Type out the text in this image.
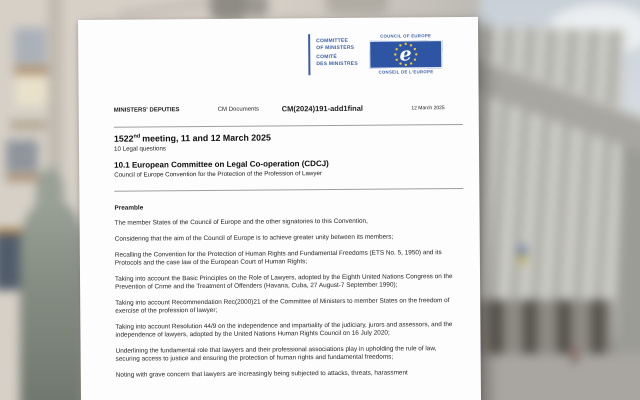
COMMITTEE
OF MINISTERS
COMITÉ
DES MINISTRES
COUNCIL OF EUROPE
e
CONSEIL DE L'EUROPE
MINISTERS' DEPUTIES	CM Documents	CM(2024)191-add1final	12 March 2025
1522nd meeting, 11 and 12 March 2025
10 Legal questions
10.1 European Committee on Legal Co-operation (CDCJ)
Council of Europe Convention for the Protection of the Profession of Lawyer
Preamble

The member States of the Council of Europe and the other signatories to this Convention,

Considering that the aim of the Council of Europe is to achieve greater unity between its members;

Recalling the Convention for the Protection of Human Rights and Fundamental Freedoms (ETS No. 5, 1950) and its Protocols and the case law of the European Court of Human Rights;

Taking into account the Basic Principles on the Role of Lawyers, adopted by the Eighth United Nations Congress on the Prevention of Crime and the Treatment of Offenders (Havana, Cuba, 27 August-7 September 1990);

Taking into account Recommendation Rec(2000)21 of the Committee of Ministers to member States on the freedom of exercise of the profession of lawyer;

Taking into account Resolution 44/9 on the independence and impartiality of the judiciary, jurors and assessors, and the independence of lawyers, adopted by the United Nations Human Rights Council on 16 July 2020;

Underlining the fundamental role that lawyers and their professional associations play in upholding the rule of law, securing access to justice and ensuring the protection of human rights and fundamental freedoms;

Noting with grave concern that lawyers are increasingly being subjected to attacks, threats, harassment
